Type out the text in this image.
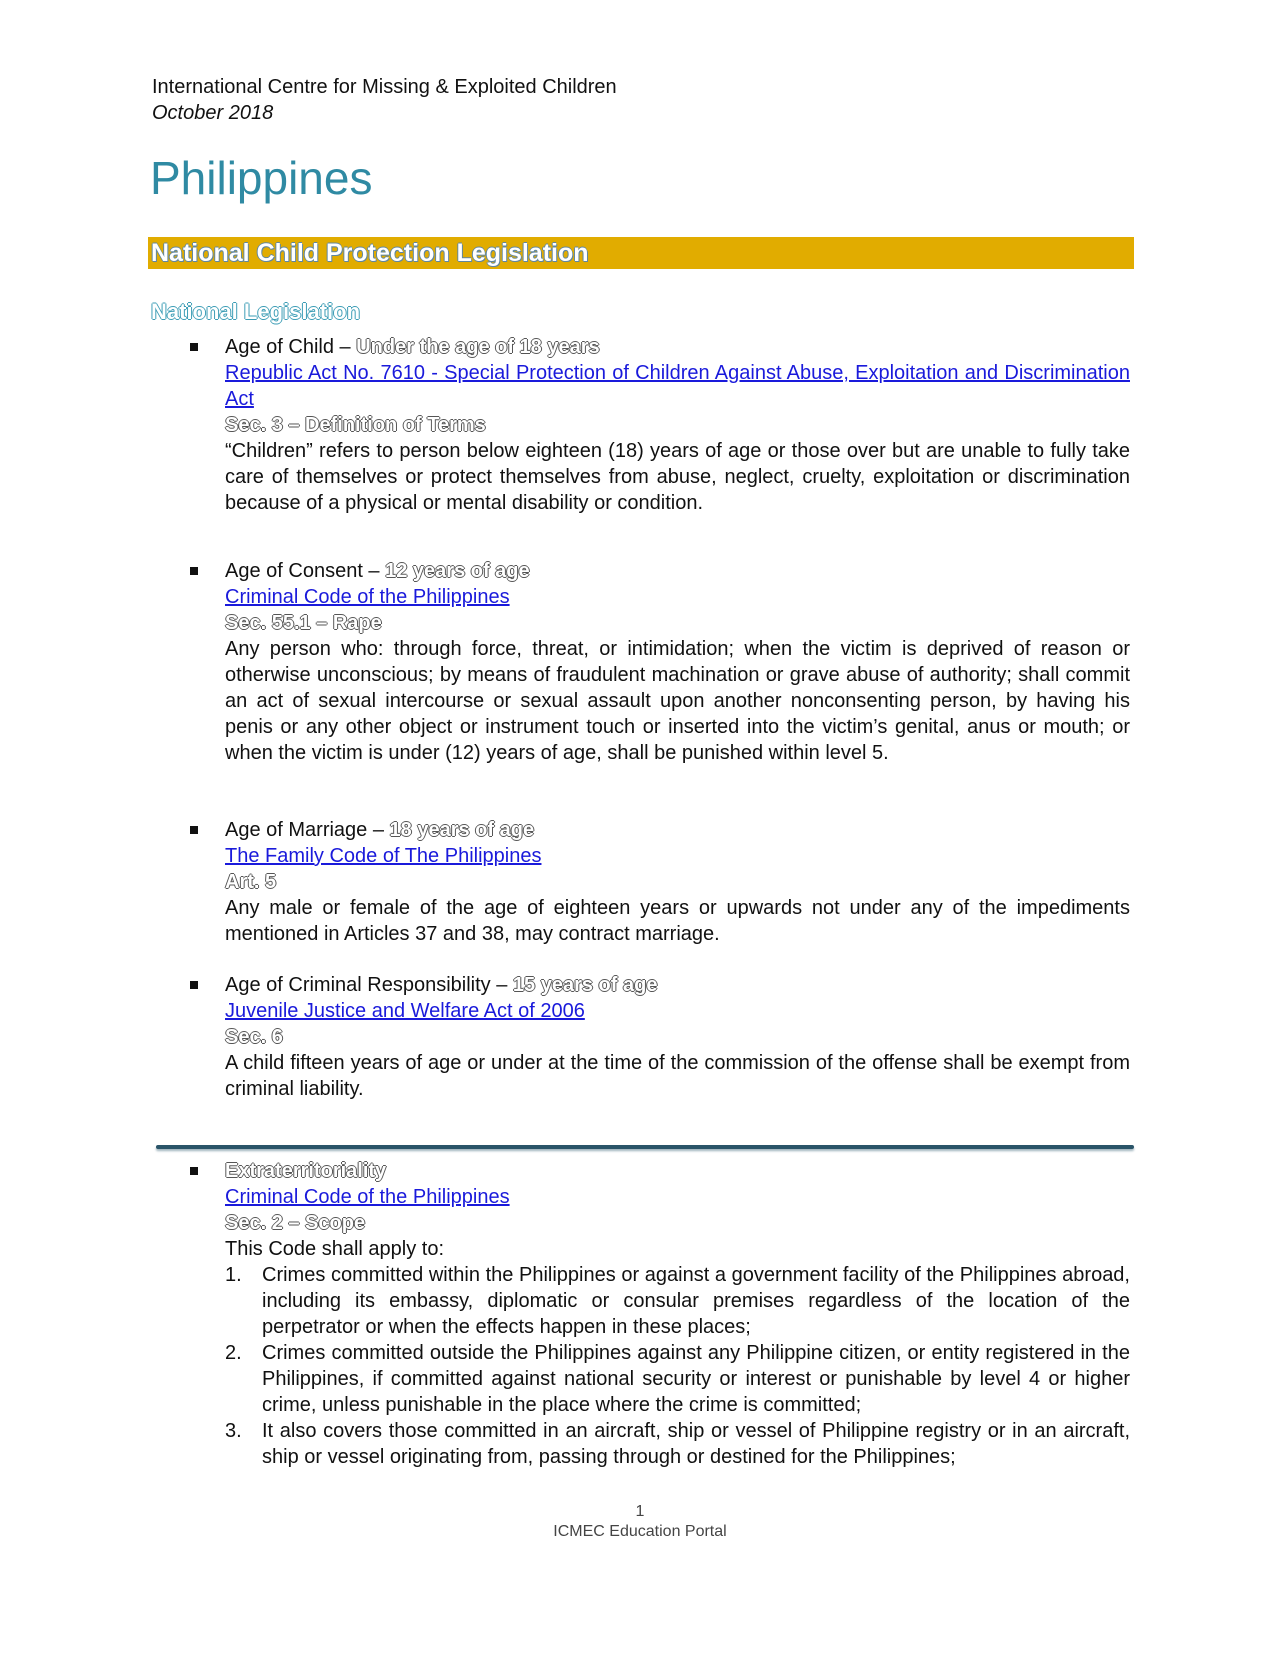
International Centre for Missing & Exploited Children
October 2018
Philippines
National Child Protection Legislation
National Legislation

Age of Child – Under the age of 18 years

Republic Act No. 7610 - Special Protection of Children Against Abuse, Exploitation and Discrimination Act

Sec. 3 – Definition of Terms

“Children” refers to person below eighteen (18) years of age or those over but are unable to fully take care of themselves or protect themselves from abuse, neglect, cruelty, exploitation or discrimination because of a physical or mental disability or condition.

Age of Consent – 12 years of age

Criminal Code of the Philippines

Sec. 55.1 – Rape

Any person who: through force, threat, or intimidation; when the victim is deprived of reason or otherwise unconscious; by means of fraudulent machination or grave abuse of authority; shall commit an act of sexual intercourse or sexual assault upon another nonconsenting person, by having his penis or any other object or instrument touch or inserted into the victim’s genital, anus or mouth; or when the victim is under (12) years of age, shall be punished within level 5.

Age of Marriage – 18 years of age

The Family Code of The Philippines

Art. 5

Any male or female of the age of eighteen years or upwards not under any of the impediments mentioned in Articles 37 and 38, may contract marriage.

Age of Criminal Responsibility – 15 years of age

Juvenile Justice and Welfare Act of 2006

Sec. 6

A child fifteen years of age or under at the time of the commission of the offense shall be exempt from criminal liability.

Extraterritoriality

Criminal Code of the Philippines

Sec. 2 – Scope

This Code shall apply to:

1. Crimes committed within the Philippines or against a government facility of the Philippines abroad, including its embassy, diplomatic or consular premises regardless of the location of the perpetrator or when the effects happen in these places;
2. Crimes committed outside the Philippines against any Philippine citizen, or entity registered in the Philippines, if committed against national security or interest or punishable by level 4 or higher crime, unless punishable in the place where the crime is committed;
3. It also covers those committed in an aircraft, ship or vessel of Philippine registry or in an aircraft, ship or vessel originating from, passing through or destined for the Philippines;
1
ICMEC Education Portal
